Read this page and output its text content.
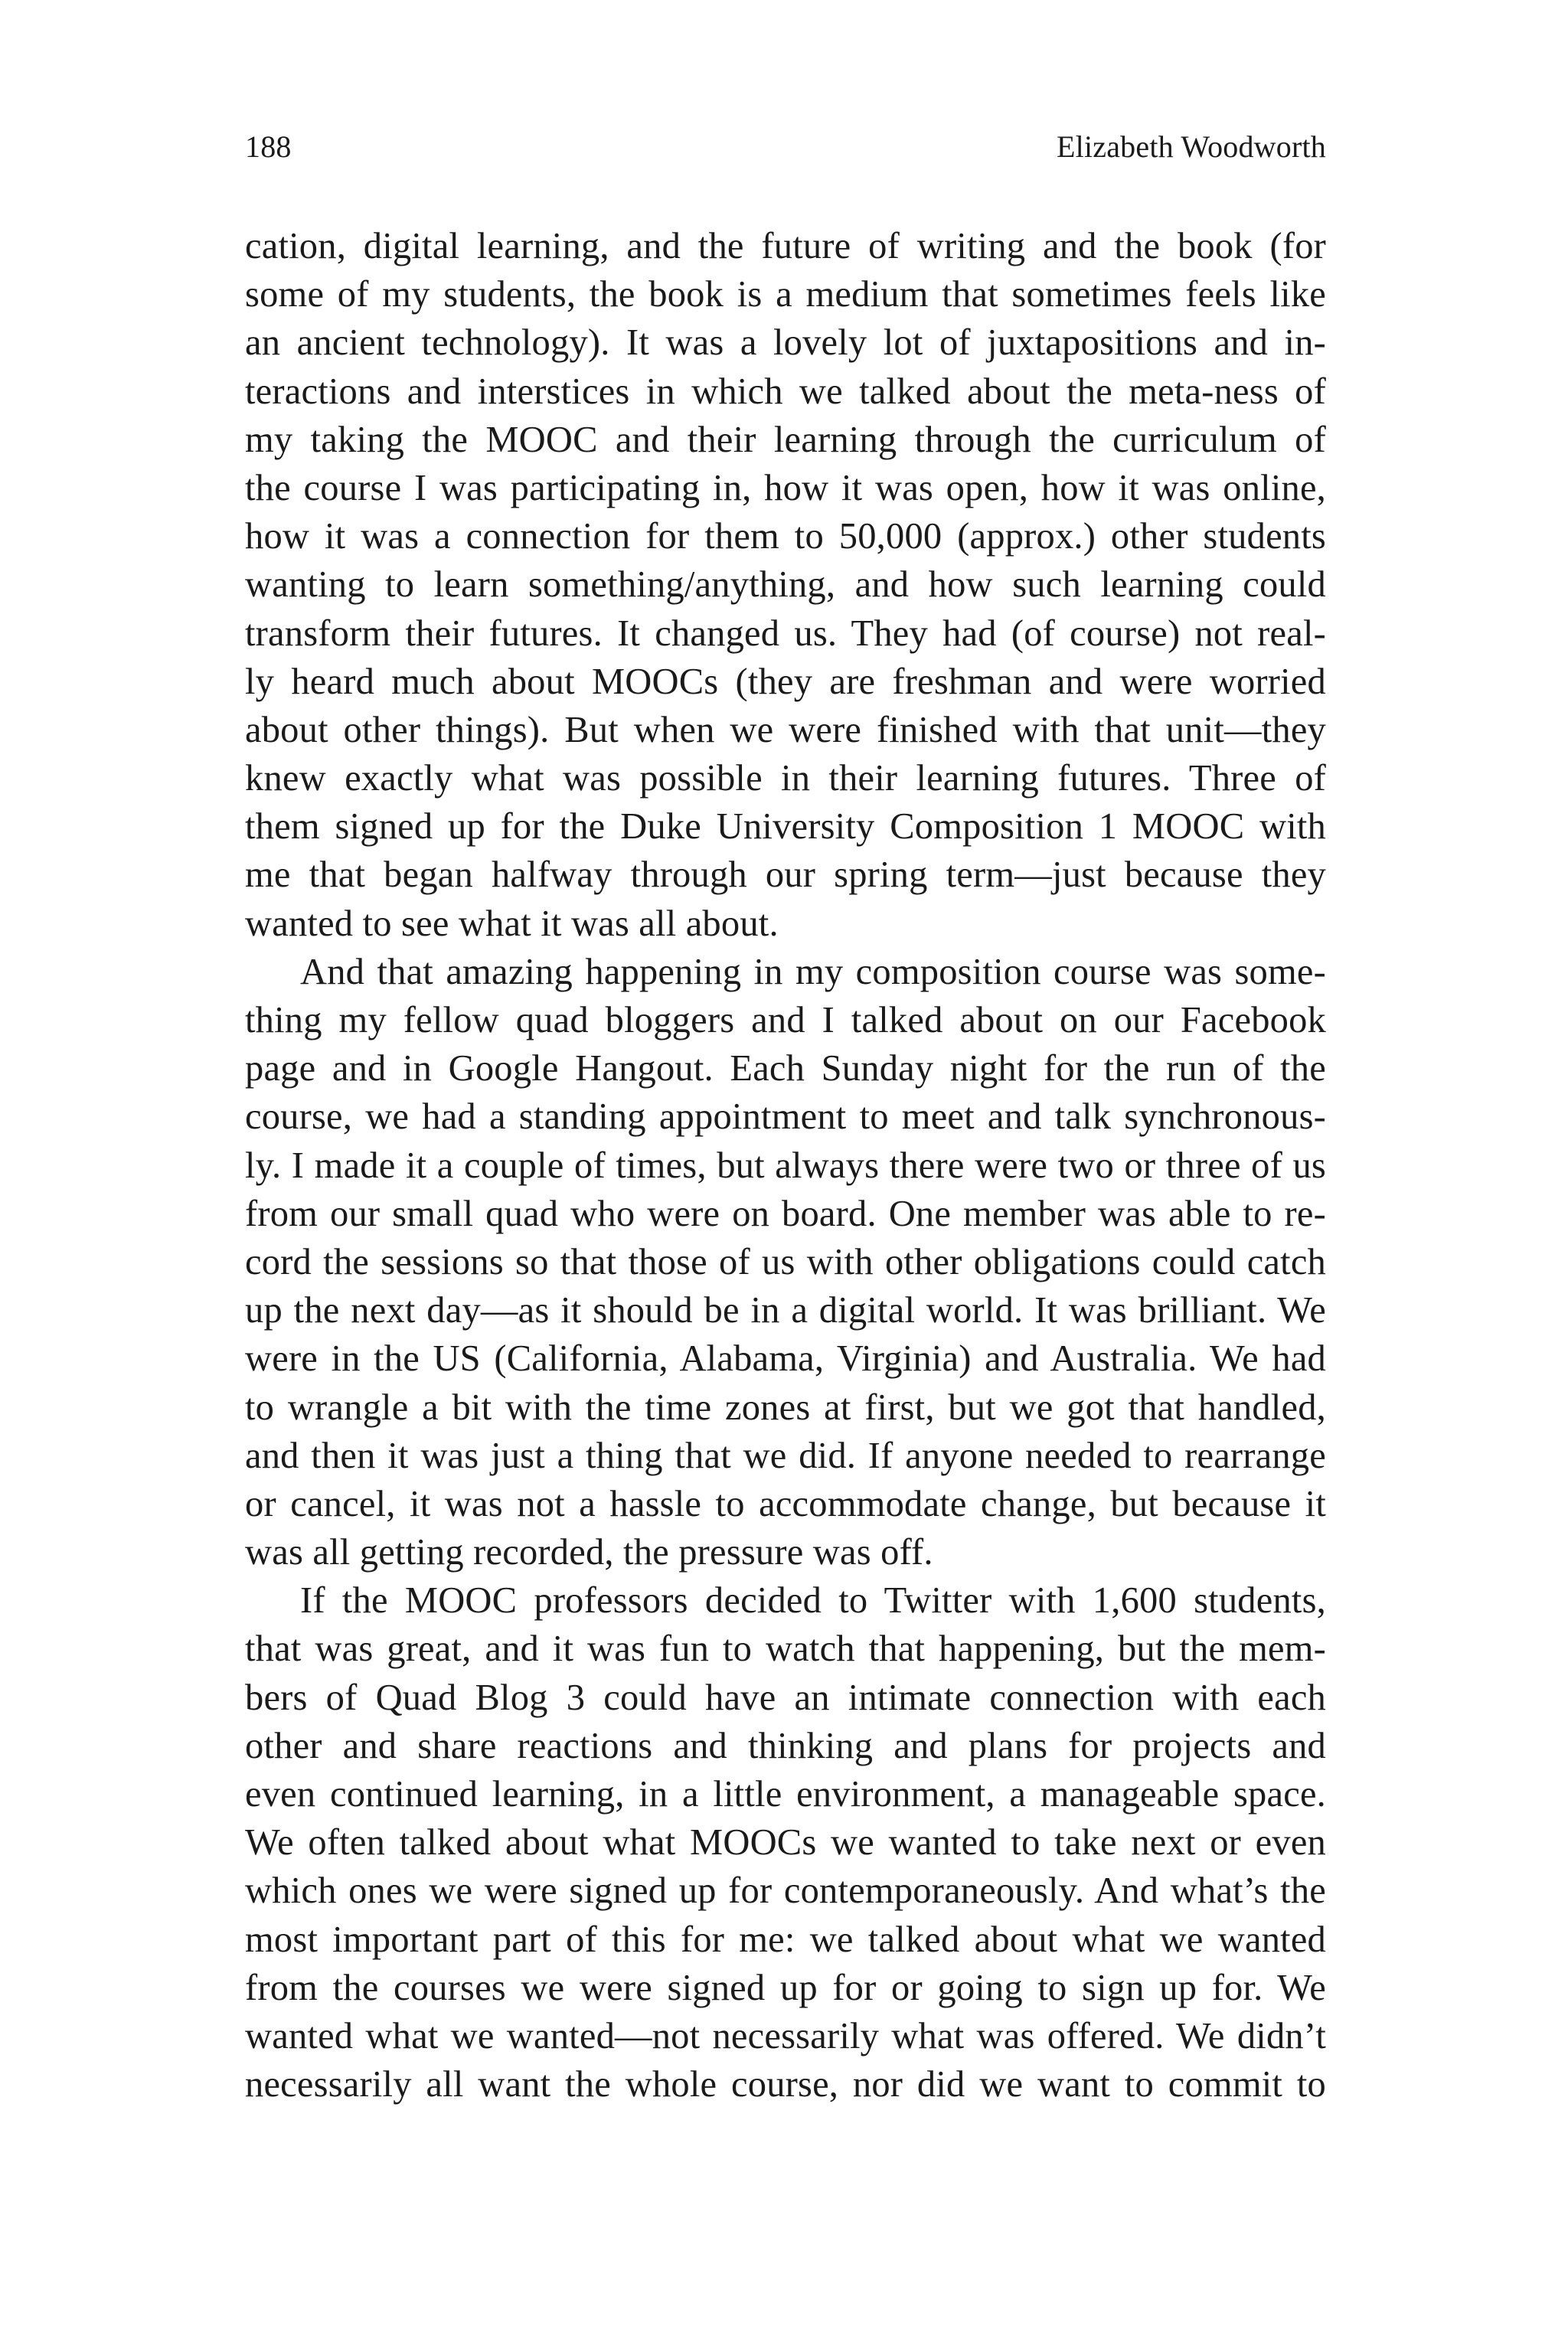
188	Elizabeth Woodworth
cation, digital learning, and the future of writing and the book (for
some of my students, the book is a medium that sometimes feels like
an ancient technology). It was a lovely lot of juxtapositions and in-
teractions and interstices in which we talked about the meta-ness of
my taking the MOOC and their learning through the curriculum of
the course I was participating in, how it was open, how it was online,
how it was a connection for them to 50,000 (approx.) other students
wanting to learn something/anything, and how such learning could
transform their futures. It changed us. They had (of course) not real-
ly heard much about MOOCs (they are freshman and were worried
about other things). But when we were finished with that unit—they
knew exactly what was possible in their learning futures. Three of
them signed up for the Duke University Composition 1 MOOC with
me that began halfway through our spring term—just because they
wanted to see what it was all about.
And that amazing happening in my composition course was some-
thing my fellow quad bloggers and I talked about on our Facebook
page and in Google Hangout. Each Sunday night for the run of the
course, we had a standing appointment to meet and talk synchronous-
ly. I made it a couple of times, but always there were two or three of us
from our small quad who were on board. One member was able to re-
cord the sessions so that those of us with other obligations could catch
up the next day—as it should be in a digital world. It was brilliant. We
were in the US (California, Alabama, Virginia) and Australia. We had
to wrangle a bit with the time zones at first, but we got that handled,
and then it was just a thing that we did. If anyone needed to rearrange
or cancel, it was not a hassle to accommodate change, but because it
was all getting recorded, the pressure was off.
If the MOOC professors decided to Twitter with 1,600 students,
that was great, and it was fun to watch that happening, but the mem-
bers of Quad Blog 3 could have an intimate connection with each
other and share reactions and thinking and plans for projects and
even continued learning, in a little environment, a manageable space.
We often talked about what MOOCs we wanted to take next or even
which ones we were signed up for contemporaneously. And what’s the
most important part of this for me: we talked about what we wanted
from the courses we were signed up for or going to sign up for. We
wanted what we wanted—not necessarily what was offered. We didn’t
necessarily all want the whole course, nor did we want to commit to
